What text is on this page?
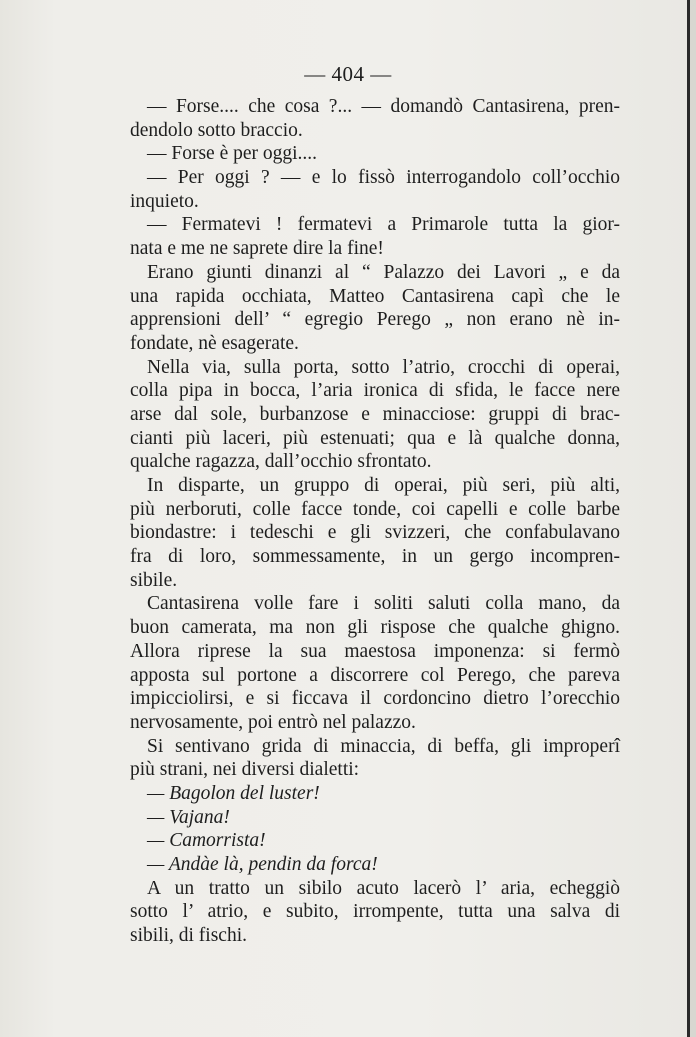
— 404 —
— Forse.... che cosa ?... — domandò Cantasirena, pren-
dendolo sotto braccio.
— Forse è per oggi....
— Per oggi ? — e lo fissò interrogandolo coll’occhio
inquieto.
— Fermatevi ! fermatevi a Primarole tutta la gior-
nata e me ne saprete dire la fine!
Erano giunti dinanzi al “ Palazzo dei Lavori „ e da
una rapida occhiata, Matteo Cantasirena capì che le
apprensioni dell’ “ egregio Perego „ non erano nè in-
fondate, nè esagerate.
Nella via, sulla porta, sotto l’atrio, crocchi di operai,
colla pipa in bocca, l’aria ironica di sfida, le facce nere
arse dal sole, burbanzose e minacciose: gruppi di brac-
cianti più laceri, più estenuati; qua e là qualche donna,
qualche ragazza, dall’occhio sfrontato.
In disparte, un gruppo di operai, più seri, più alti,
più nerboruti, colle facce tonde, coi capelli e colle barbe
biondastre: i tedeschi e gli svizzeri, che confabulavano
fra di loro, sommessamente, in un gergo incompren-
sibile.
Cantasirena volle fare i soliti saluti colla mano, da
buon camerata, ma non gli rispose che qualche ghigno.
Allora riprese la sua maestosa imponenza: si fermò
apposta sul portone a discorrere col Perego, che pareva
impicciolirsi, e si ficcava il cordoncino dietro l’orecchio
nervosamente, poi entrò nel palazzo.
Si sentivano grida di minaccia, di beffa, gli improperî
più strani, nei diversi dialetti:
— Bagolon del luster!
— Vajana!
— Camorrista!
— Andàe là, pendin da forca!
A un tratto un sibilo acuto lacerò l’ aria, echeggiò
sotto l’ atrio, e subito, irrompente, tutta una salva di
sibili, di fischi.
